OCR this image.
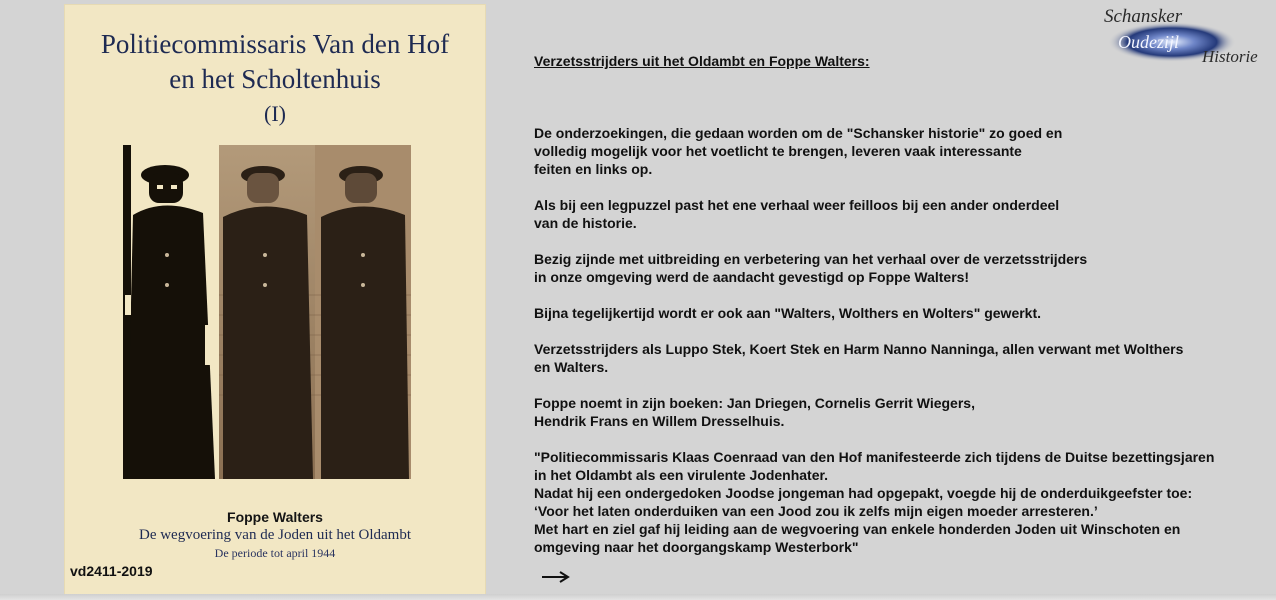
Politiecommissaris Van den Hof
en het Scholtenhuis
(I)
Foppe Walters
De wegvoering van de Joden uit het Oldambt
De periode tot april 1944
vd2411-2019
Schansker
Oudezijl
Historie
Verzetsstrijders uit het Oldambt en Foppe Walters:
De onderzoekingen, die gedaan worden om de "Schansker historie" zo goed en
volledig mogelijk voor het voetlicht te brengen, leveren vaak interessante
feiten en links op.
Als bij een legpuzzel past het ene verhaal weer feilloos bij een ander onderdeel
van de historie.
Bezig zijnde met uitbreiding en verbetering van het verhaal over de verzetsstrijders
in onze omgeving werd de aandacht gevestigd op Foppe Walters!
Bijna tegelijkertijd wordt er ook aan "Walters, Wolthers en Wolters" gewerkt.
Verzetsstrijders als Luppo Stek, Koert Stek en Harm Nanno Nanninga, allen verwant met Wolthers
en Walters.
Foppe noemt in zijn boeken: Jan Driegen, Cornelis Gerrit Wiegers,
Hendrik Frans en Willem Dresselhuis.
"Politiecommissaris Klaas Coenraad van den Hof manifesteerde zich tijdens de Duitse bezettingsjaren
in het Oldambt als een virulente Jodenhater.
Nadat hij een ondergedoken Joodse jongeman had opgepakt, voegde hij de onderduikgeefster toe:
‘Voor het laten onderduiken van een Jood zou ik zelfs mijn eigen moeder arresteren.’
Met hart en ziel gaf hij leiding aan de wegvoering van enkele honderden Joden uit Winschoten en
omgeving naar het doorgangskamp Westerbork"
